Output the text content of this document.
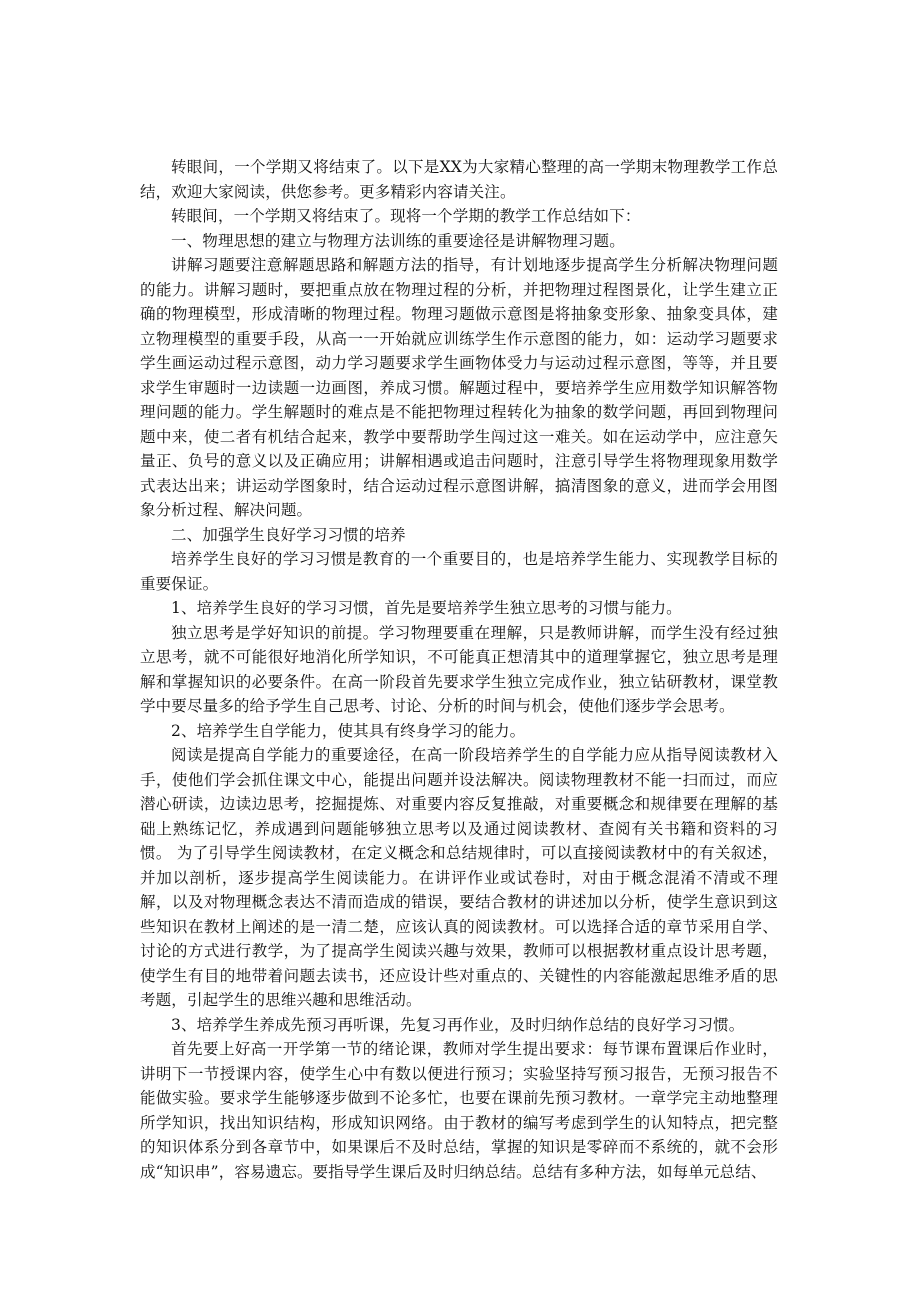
转眼间，一个学期又将结束了。以下是XX为大家精心整理的高一学期末物理教学工作总结，欢迎大家阅读，供您参考。更多精彩内容请关注。

转眼间，一个学期又将结束了。现将一个学期的教学工作总结如下：

一、物理思想的建立与物理方法训练的重要途径是讲解物理习题。

讲解习题要注意解题思路和解题方法的指导，有计划地逐步提高学生分析解决物理问题的能力。讲解习题时，要把重点放在物理过程的分析，并把物理过程图景化，让学生建立正确的物理模型，形成清晰的物理过程。物理习题做示意图是将抽象变形象、抽象变具体，建立物理模型的重要手段，从高一一开始就应训练学生作示意图的能力，如：运动学习题要求学生画运动过程示意图，动力学习题要求学生画物体受力与运动过程示意图，等等，并且要求学生审题时一边读题一边画图，养成习惯。解题过程中，要培养学生应用数学知识解答物理问题的能力。学生解题时的难点是不能把物理过程转化为抽象的数学问题，再回到物理问题中来，使二者有机结合起来，教学中要帮助学生闯过这一难关。如在运动学中，应注意矢量正、负号的意义以及正确应用；讲解相遇或追击问题时，注意引导学生将物理现象用数学式表达出来；讲运动学图象时，结合运动过程示意图讲解，搞清图象的意义，进而学会用图象分析过程、解决问题。

二、加强学生良好学习习惯的培养

培养学生良好的学习习惯是教育的一个重要目的，也是培养学生能力、实现教学目标的重要保证。

1、培养学生良好的学习习惯，首先是要培养学生独立思考的习惯与能力。

独立思考是学好知识的前提。学习物理要重在理解，只是教师讲解，而学生没有经过独立思考，就不可能很好地消化所学知识，不可能真正想清其中的道理掌握它，独立思考是理解和掌握知识的必要条件。在高一阶段首先要求学生独立完成作业，独立钻研教材，课堂教学中要尽量多的给予学生自己思考、讨论、分析的时间与机会，使他们逐步学会思考。

2、培养学生自学能力，使其具有终身学习的能力。

阅读是提高自学能力的重要途径，在高一阶段培养学生的自学能力应从指导阅读教材入手，使他们学会抓住课文中心，能提出问题并设法解决。阅读物理教材不能一扫而过，而应潜心研读，边读边思考，挖掘提炼、对重要内容反复推敲，对重要概念和规律要在理解的基础上熟练记忆，养成遇到问题能够独立思考以及通过阅读教材、查阅有关书籍和资料的习惯。 为了引导学生阅读教材，在定义概念和总结规律时，可以直接阅读教材中的有关叙述，并加以剖析，逐步提高学生阅读能力。在讲评作业或试卷时，对由于概念混淆不清或不理解，以及对物理概念表达不清而造成的错误，要结合教材的讲述加以分析，使学生意识到这些知识在教材上阐述的是一清二楚，应该认真的阅读教材。可以选择合适的章节采用自学、讨论的方式进行教学，为了提高学生阅读兴趣与效果，教师可以根据教材重点设计思考题，使学生有目的地带着问题去读书，还应设计些对重点的、关键性的内容能激起思维矛盾的思考题，引起学生的思维兴趣和思维活动。

3、培养学生养成先预习再听课，先复习再作业，及时归纳作总结的良好学习习惯。

首先要上好高一开学第一节的绪论课，教师对学生提出要求：每节课布置课后作业时，讲明下一节授课内容，使学生心中有数以便进行预习；实验坚持写预习报告，无预习报告不能做实验。要求学生能够逐步做到不论多忙，也要在课前先预习教材。一章学完主动地整理所学知识，找出知识结构，形成知识网络。由于教材的编写考虑到学生的认知特点，把完整的知识体系分到各章节中，如果课后不及时总结，掌握的知识是零碎而不系统的，就不会形成“知识串”，容易遗忘。要指导学生课后及时归纳总结。总结有多种方法，如每单元总结、
